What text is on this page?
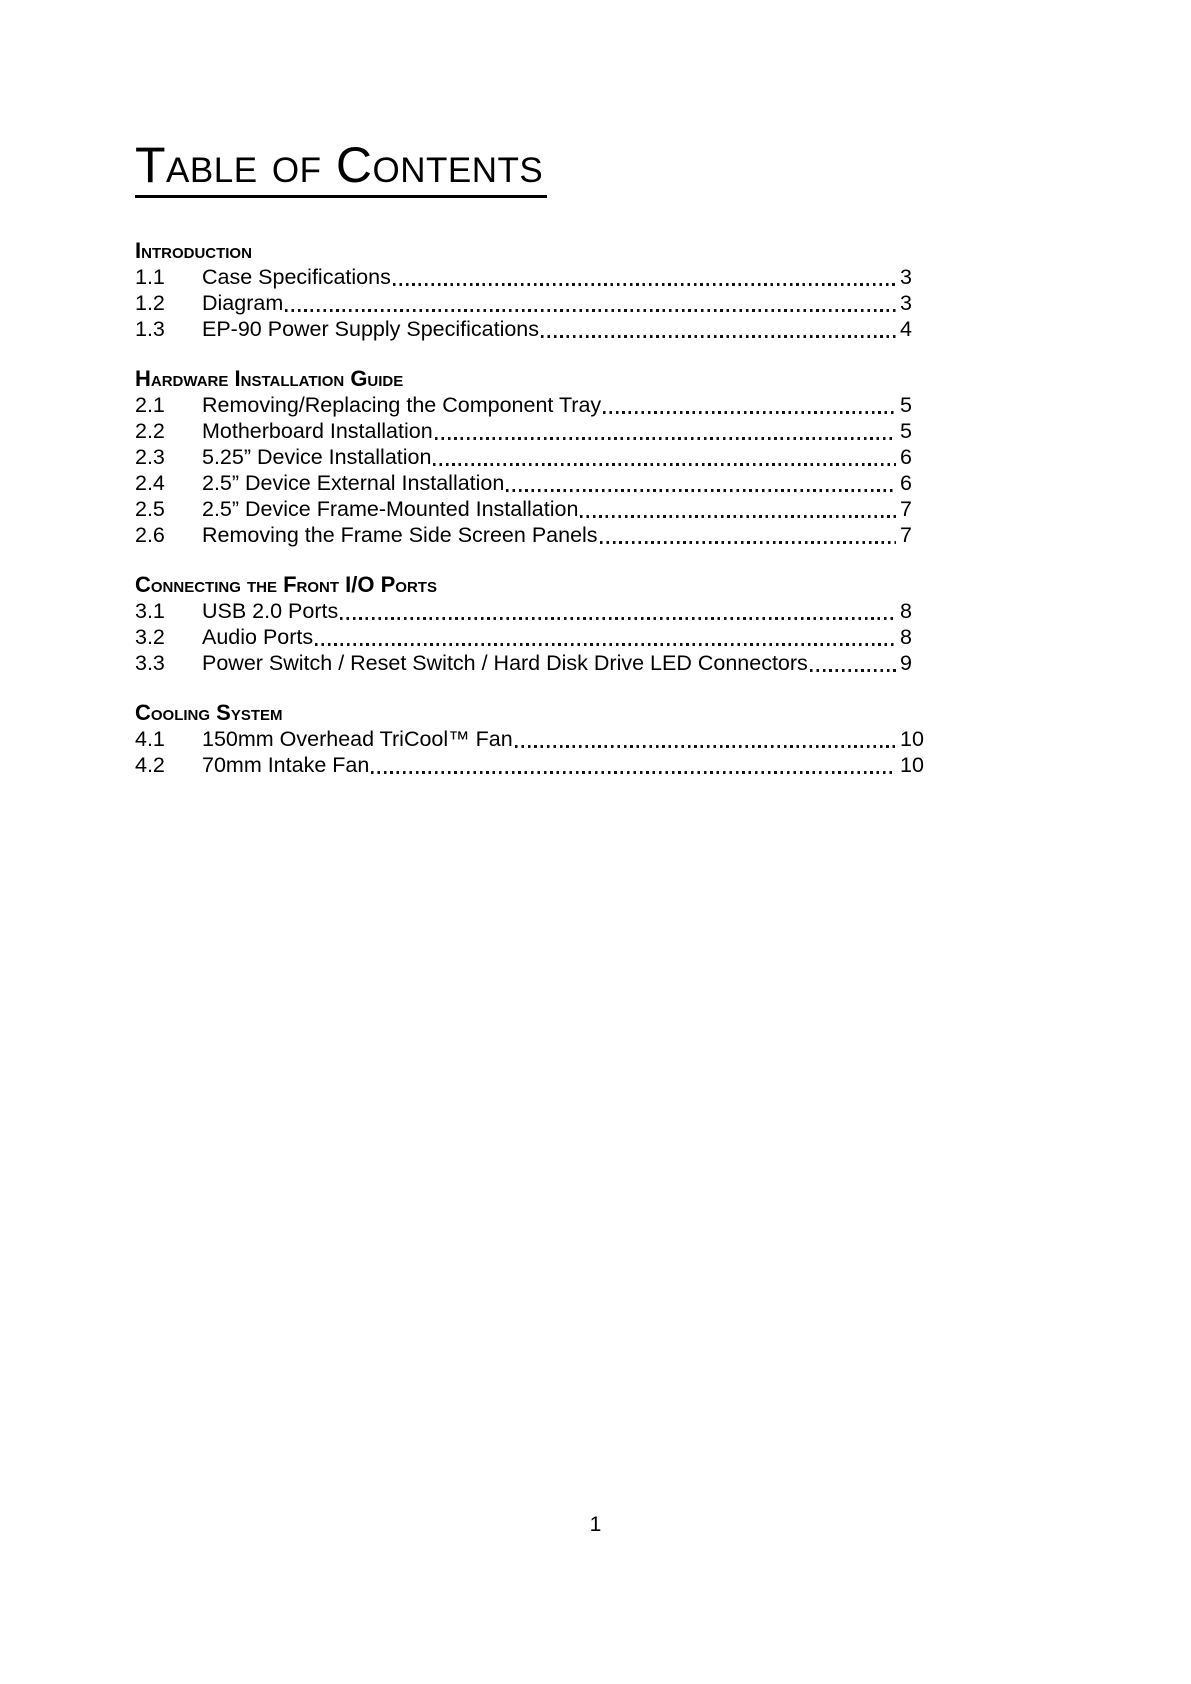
Table of Contents
Introduction
1.1	Case Specifications	3
1.2	Diagram	3
1.3	EP-90 Power Supply Specifications	4
Hardware Installation Guide
2.1	Removing/Replacing the Component Tray	5
2.2	Motherboard Installation	5
2.3	5.25” Device Installation	6
2.4	2.5” Device External Installation	6
2.5	2.5” Device Frame-Mounted Installation	7
2.6	Removing the Frame Side Screen Panels	7
Connecting the Front I/O Ports
3.1	USB 2.0 Ports	8
3.2	Audio Ports	8
3.3	Power Switch / Reset Switch / Hard Disk Drive LED Connectors	9
Cooling System
4.1	150mm Overhead TriCool™ Fan	10
4.2	70mm Intake Fan	10
1
